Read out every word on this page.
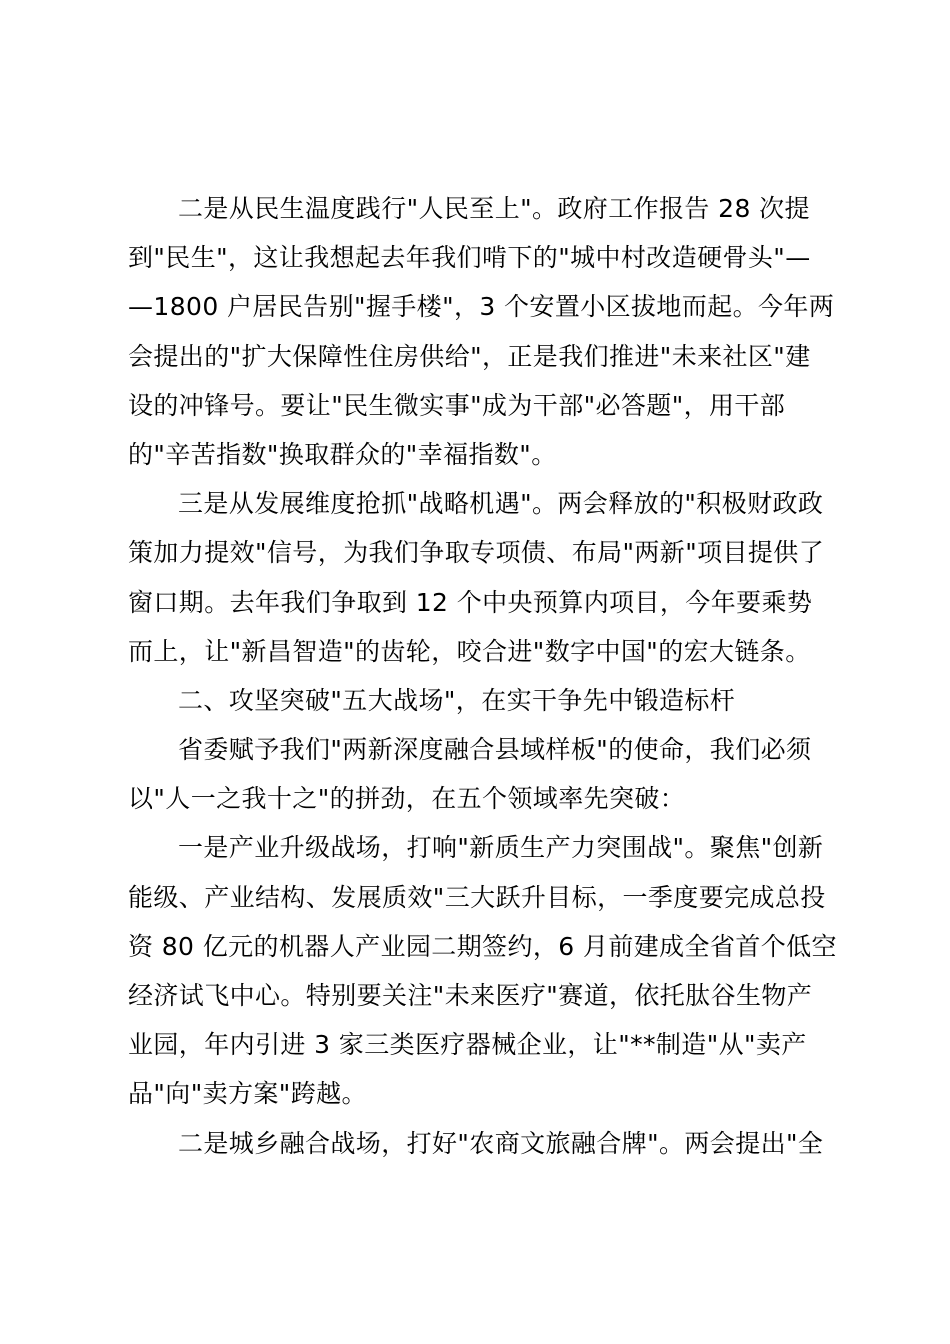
二是从民生温度践行"人民至上"。政府工作报告 28 次提
到"民生"，这让我想起去年我们啃下的"城中村改造硬骨头"—
—1800 户居民告别"握手楼"，3 个安置小区拔地而起。今年两
会提出的"扩大保障性住房供给"，正是我们推进"未来社区"建
设的冲锋号。要让"民生微实事"成为干部"必答题"，用干部
的"辛苦指数"换取群众的"幸福指数"。
三是从发展维度抢抓"战略机遇"。两会释放的"积极财政政
策加力提效"信号，为我们争取专项债、布局"两新"项目提供了
窗口期。去年我们争取到 12 个中央预算内项目，今年要乘势
而上，让"新昌智造"的齿轮，咬合进"数字中国"的宏大链条。
二、攻坚突破"五大战场"，在实干争先中锻造标杆
省委赋予我们"两新深度融合县域样板"的使命，我们必须
以"人一之我十之"的拼劲，在五个领域率先突破：
一是产业升级战场，打响"新质生产力突围战"。聚焦"创新
能级、产业结构、发展质效"三大跃升目标，一季度要完成总投
资 80 亿元的机器人产业园二期签约，6 月前建成全省首个低空
经济试飞中心。特别要关注"未来医疗"赛道，依托肽谷生物产
业园，年内引进 3 家三类医疗器械企业，让"**制造"从"卖产
品"向"卖方案"跨越。
二是城乡融合战场，打好"农商文旅融合牌"。两会提出"全
